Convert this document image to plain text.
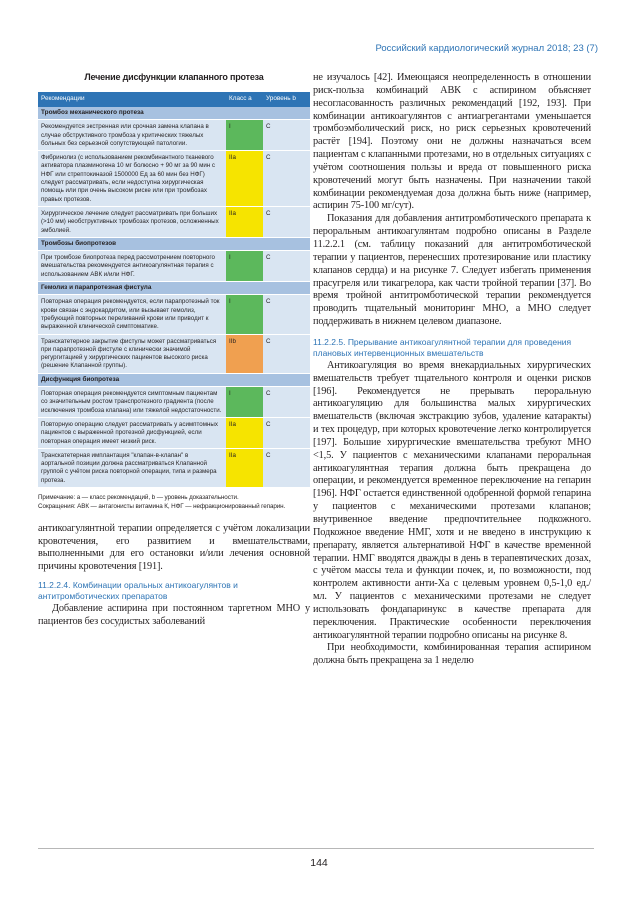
Российский кардиологический журнал 2018; 23 (7)
Лечение дисфункции клапанного протеза
Рекомендации	Класс a	Уровень b
Тромбоз механического протеза		
Рекомендуется экстренная или срочная замена клапана в случае обструктивного тромбоза у критических тяжелых больных без серьезной сопутствующей патологии.	I	C
Фибринолиз (с использованием рекомбинантного тканевого активатора плазминогена 10 мг болюсно + 90 мг за 90 мин с НФГ или стрептокиназой 1500000 Ед за 60 мин без НФГ) следует рассматривать, если недоступна хирургическая помощь или при очень высоком риске или при тромбозах правых протезов.	IIa	C
Хирургическое лечение следует рассматривать при больших (>10 мм) необструктивных тромбозах протезов, осложненных эмболией.	IIa	C
Тромбозы биопротезов		
При тромбозе биопротеза перед рассмотрением повторного вмешательства рекомендуется антикоагулянтная терапия с использованием АВК и/или НФГ.	I	C
Гемолиз и парапротезная фистула		
Повторная операция рекомендуется, если парапротезный ток крови связан с эндокардитом, или вызывает гемолиз, требующий повторных переливаний крови или приводит к выраженной клинической симптоматике.	I	C
Транскатетерное закрытие фистулы может рассматриваться при парапротезной фистуле с клинически значимой регургитацией у хирургических пациентов высокого риска (решение Клапанной группы).	IIb	C
Дисфункция биопротеза		
Повторная операция рекомендуется симптомным пациентам со значительным ростом транспротезного градиента (после исключения тромбоза клапана) или тяжелой недостаточности.	I	C
Повторную операцию следует рассматривать у асимптомных пациентов с выраженной протезной дисфункцией, если повторная операция имеет низкий риск.	IIa	C
Транскатетерная имплантация "клапан-в-клапан" в аортальной позиции должна рассматриваться Клапанной группой с учётом риска повторной операции, типа и размера протеза.	IIa	C
Примечание: a — класс рекомендаций, b — уровень доказательности.
Сокращения: АВК — антагонисты витамина К, НФГ — нефракционированный гепарин.

антикоагулянтной терапии определяется с учётом локализации кровотечения, его развитием и вмешательствами, выполненными для его остановки и/или лечения основной причины кровотечения [191].

11.2.2.4. Комбинации оральных антикоагулянтов и антитромботических препаратов

Добавление аспирина при постоянном таргетном МНО у пациентов без сосудистых заболеваний

не изучалось [42]. Имеющаяся неопределенность в отношении риск-польза комбинаций АВК с аспирином объясняет несогласованность различных рекомендаций [192, 193]. При комбинации антикоагулянтов с антиагрегантами уменьшается тромбоэмболический риск, но риск серьезных кровотечений растёт [194]. Поэтому они не должны назначаться всем пациентам с клапанными протезами, но в отдельных ситуациях с учётом соотношения пользы и вреда от повышенного риска кровотечений могут быть назначены. При назначении такой комбинации рекомендуемая доза должна быть ниже (например, аспирин 75-100 мг/сут).

Показания для добавления антитромботического препарата к пероральным антикоагулянтам подробно описаны в Разделе 11.2.2.1 (см. таблицу показаний для антитромботической терапии у пациентов, перенесших протезирование или пластику клапанов сердца) и на рисунке 7. Следует избегать применения прасугреля или тикагрелора, как части тройной терапии [37]. Во время тройной антитромботической терапии рекомендуется проводить тщательный мониторинг МНО, а МНО следует поддерживать в нижнем целевом диапазоне.

11.2.2.5. Прерывание антикоагулянтной терапии для проведения плановых интервенционных вмешательств

Антикоагуляция во время внекардиальных хирургических вмешательств требует тщательного контроля и оценки рисков [196]. Рекомендуется не прерывать пероральную антикоагуляцию для большинства малых хирургических вмешательств (включая экстракцию зубов, удаление катаракты) и тех процедур, при которых кровотечение легко контролируется [197]. Большие хирургические вмешательства требуют МНО <1,5. У пациентов с механическими клапанами пероральная антикоагулянтная терапия должна быть прекращена до операции, и рекомендуется временное переключение на гепарин [196]. НФГ остается единственной одобренной формой гепарина у пациентов с механическими протезами клапанов; внутривенное введение предпочтительнее подкожного. Подкожное введение НМГ, хотя и не введено в инструкцию к препарату, является альтернативой НФГ в качестве временной терапии. НМГ вводятся дважды в день в терапевтических дозах, с учётом массы тела и функции почек, и, по возможности, под контролем активности анти-Ха с целевым уровнем 0,5-1,0 ед./мл. У пациентов с механическими протезами не следует использовать фондапаринукс в качестве препарата для переключения. Практические особенности переключения антикоагулянтной терапии подробно описаны на рисунке 8.

При необходимости, комбинированная терапия аспирином должна быть прекращена за 1 неделю

144
